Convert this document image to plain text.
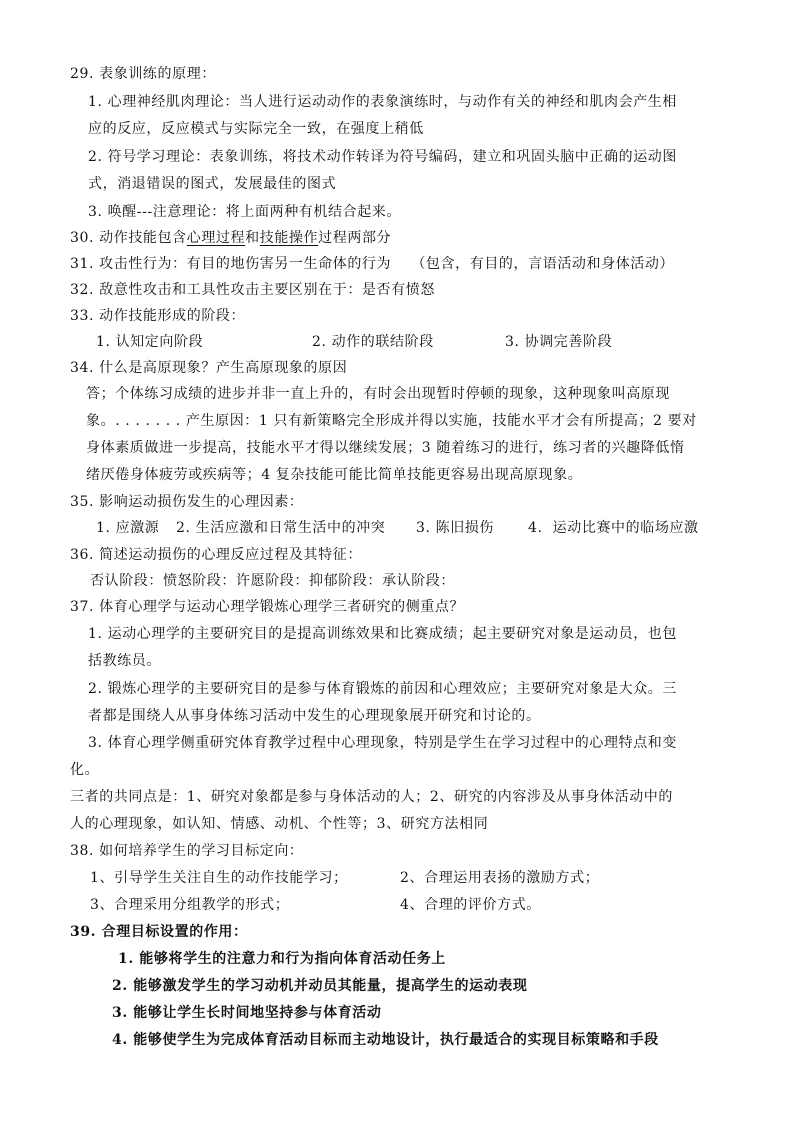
29. 表象训练的原理：
1. 心理神经肌肉理论：当人进行运动动作的表象演练时，与动作有关的神经和肌肉会产生相
应的反应，反应模式与实际完全一致，在强度上稍低
2. 符号学习理论：表象训练，将技术动作转译为符号编码，建立和巩固头脑中正确的运动图
式，消退错误的图式，发展最佳的图式
3. 唤醒---注意理论：将上面两种有机结合起来。
30. 动作技能包含心理过程和技能操作过程两部分
31. 攻击性行为：有目的地伤害另一生命体的行为    （包含，有目的，言语活动和身体活动）
32. 敌意性攻击和工具性攻击主要区别在于：是否有愤怒
33. 动作技能形成的阶段：
1. 认知定向阶段	2. 动作的联结阶段	3. 协调完善阶段
34. 什么是高原现象？产生高原现象的原因
答；个体练习成绩的进步并非一直上升的，有时会出现暂时停顿的现象，这种现象叫高原现
象。. . . . . . . 产生原因：1 只有新策略完全形成并得以实施，技能水平才会有所提高；2 要对
身体素质做进一步提高，技能水平才得以继续发展；3 随着练习的进行，练习者的兴趣降低惰
绪厌倦身体疲劳或疾病等；4 复杂技能可能比简单技能更容易出现高原现象。
35. 影响运动损伤发生的心理因素：
1. 应激源 2. 生活应激和日常生活中的冲突 3. 陈旧损伤 4.  运动比赛中的临场应激
36. 简述运动损伤的心理反应过程及其特征：
否认阶段：愤怒阶段：许愿阶段：抑郁阶段：承认阶段：
37. 体育心理学与运动心理学锻炼心理学三者研究的侧重点？
1. 运动心理学的主要研究目的是提高训练效果和比赛成绩；起主要研究对象是运动员，也包
括教练员。
2. 锻炼心理学的主要研究目的是参与体育锻炼的前因和心理效应；主要研究对象是大众。三
者都是围绕人从事身体练习活动中发生的心理现象展开研究和讨论的。
3. 体育心理学侧重研究体育教学过程中心理现象，特别是学生在学习过程中的心理特点和变
化。
三者的共同点是：1、研究对象都是参与身体活动的人；2、研究的内容涉及从事身体活动中的
人的心理现象，如认知、情感、动机、个性等；3、研究方法相同
38. 如何培养学生的学习目标定向：
1、引导学生关注自生的动作技能学习；	2、合理运用表扬的激励方式；
3、合理采用分组教学的形式；	4、合理的评价方式。
39. 合理目标设置的作用：
1. 能够将学生的注意力和行为指向体育活动任务上
2. 能够激发学生的学习动机并动员其能量，提高学生的运动表现
3. 能够让学生长时间地坚持参与体育活动
4. 能够使学生为完成体育活动目标而主动地设计，执行最适合的实现目标策略和手段
